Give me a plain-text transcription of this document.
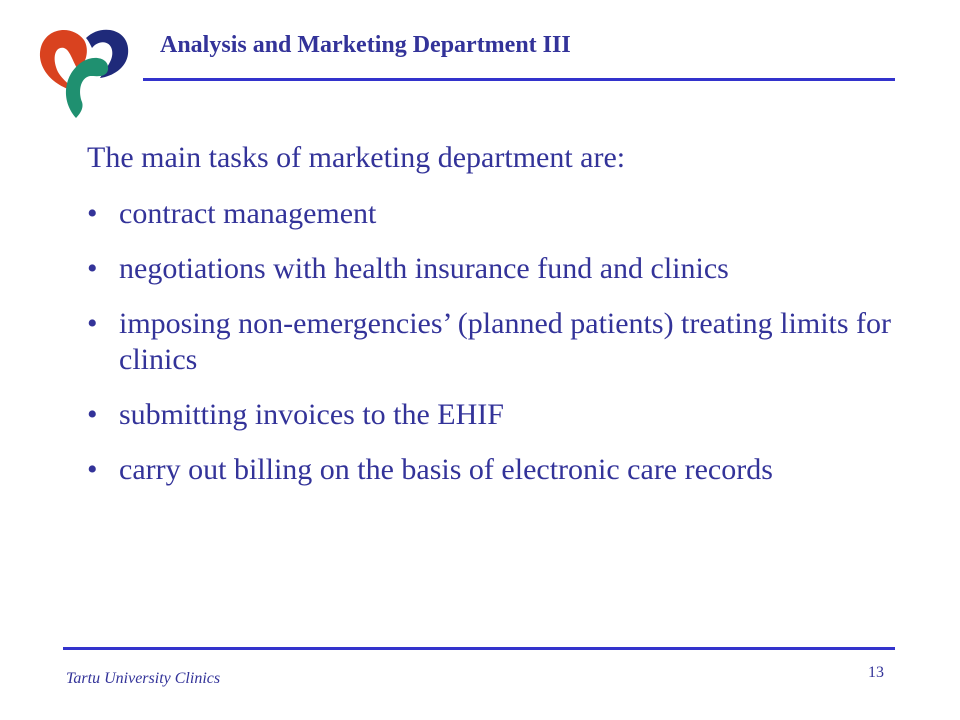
Analysis and Marketing Department III

The main tasks of marketing department are:

• contract management
• negotiations with health insurance fund and clinics
• imposing non-emergencies’ (planned patients) treating limits for clinics
• submitting invoices to the EHIF
• carry out billing on the basis of electronic care records
Tartu University Clinics	13
